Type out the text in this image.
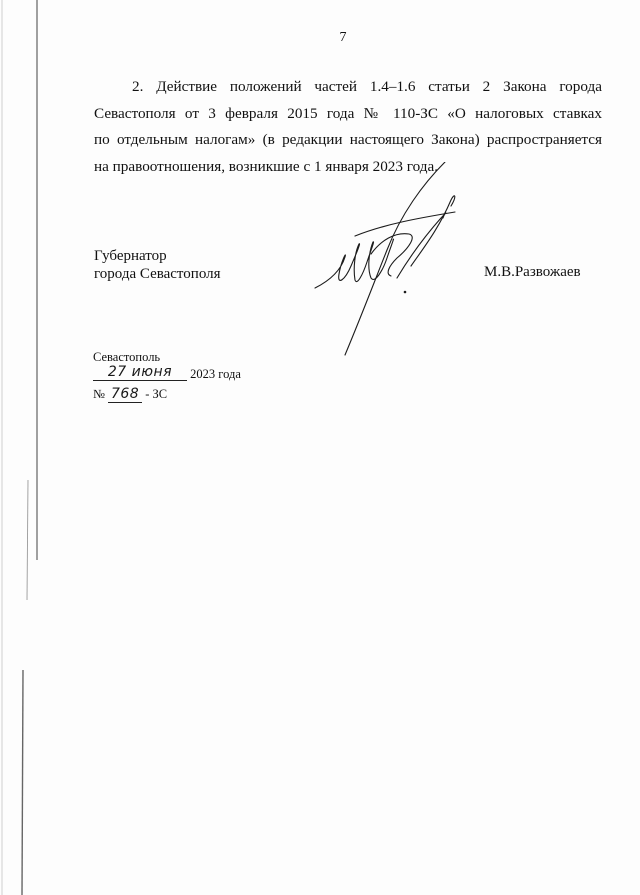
7
2. Действие положений частей 1.4–1.6 статьи 2 Закона города
Севастополя от 3 февраля 2015 года № 110-ЗС «О налоговых ставках
по отдельным налогам» (в редакции настоящего Закона) распространяется
на правоотношения, возникшие с 1 января 2023 года.
Губернатор
города Севастополя	М.В.Развожаев
Севастополь
27 июня 2023 года
№ 768 - ЗС
